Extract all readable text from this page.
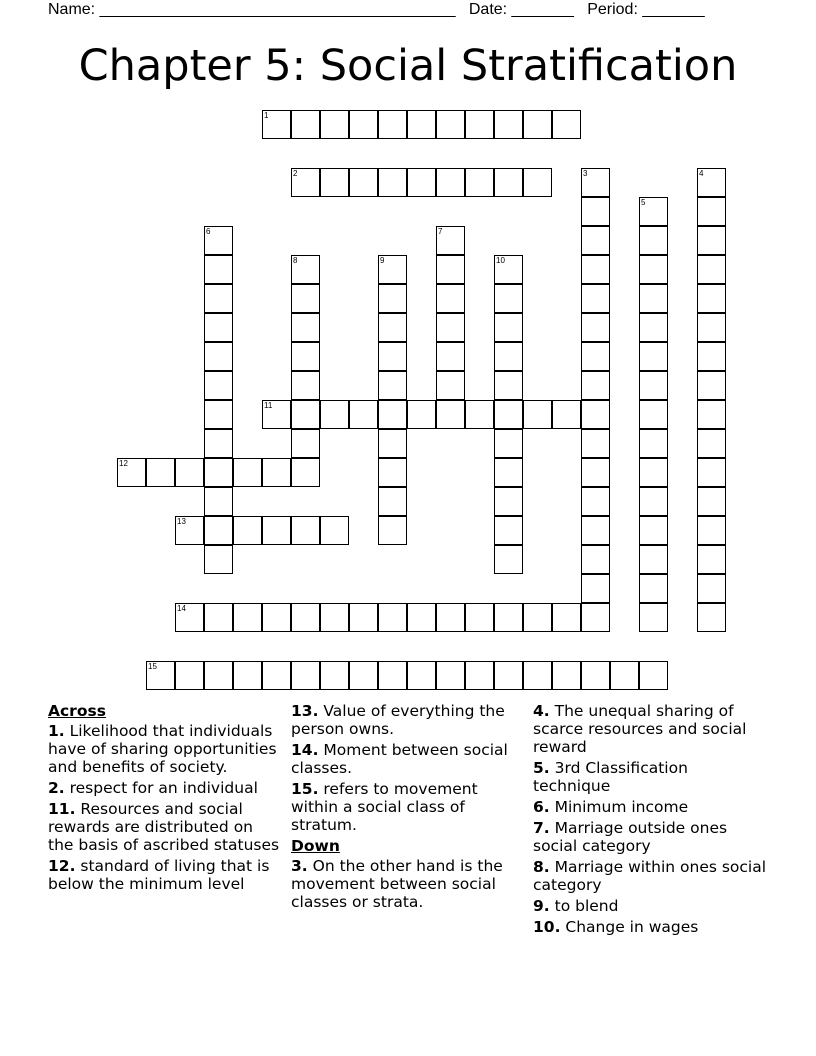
Name: ________________________________________ Date: _______ Period: _______
Chapter 5: Social Stratification
1
2	3	4
5
6	7
8	9	10
11
12
13
14
15
Across
1. Likelihood that individuals have of sharing opportunities and benefits of society.
2. respect for an individual
11. Resources and social rewards are distributed on the basis of ascribed statuses
12. standard of living that is below the minimum level
13. Value of everything the person owns.
14. Moment between social classes.
15. refers to movement within a social class of stratum.
Down
3. On the other hand is the movement between social classes or strata.
4. The unequal sharing of scarce resources and social reward
5. 3rd Classification technique
6. Minimum income
7. Marriage outside ones social category
8. Marriage within ones social category
9. to blend
10. Change in wages
